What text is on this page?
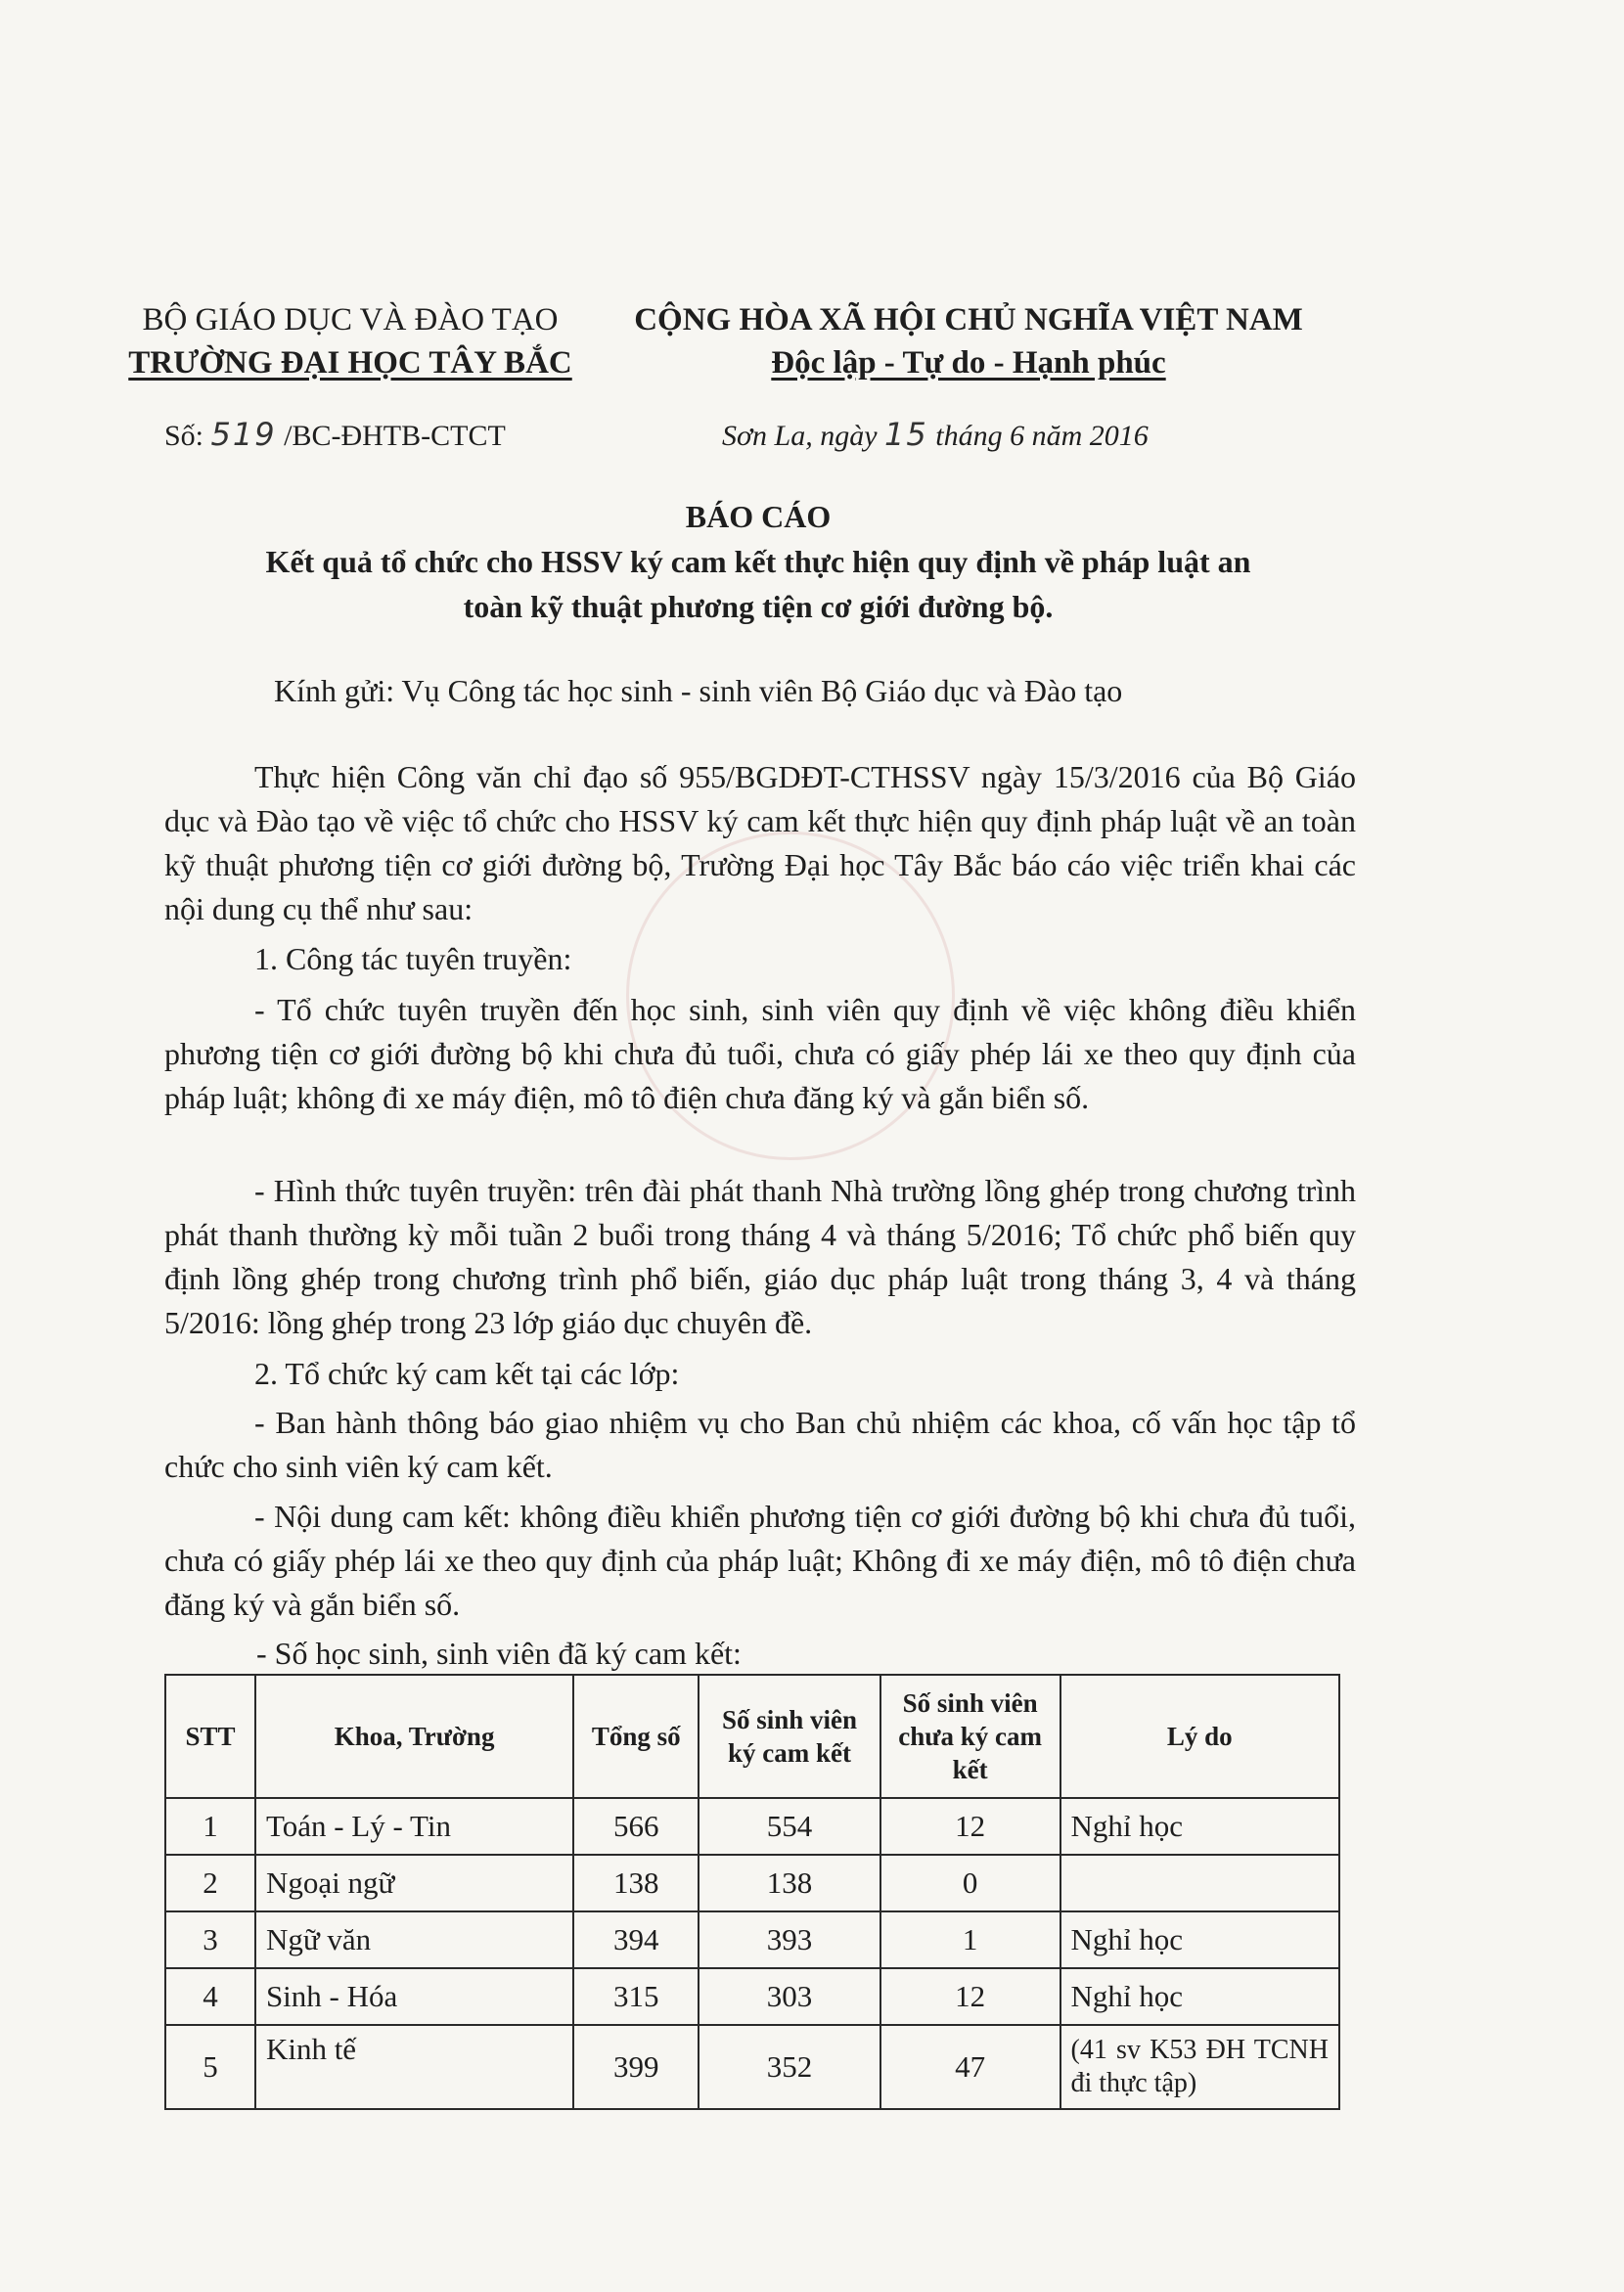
BỘ GIÁO DỤC VÀ ĐÀO TẠO
TRƯỜNG ĐẠI HỌC TÂY BẮC
CỘNG HÒA XÃ HỘI CHỦ NGHĨA VIỆT NAM
Độc lập - Tự do - Hạnh phúc
Số: 519 /BC-ĐHTB-CTCT	Sơn La, ngày 15 tháng 6 năm 2016
BÁO CÁO
Kết quả tổ chức cho HSSV ký cam kết thực hiện quy định về pháp luật an
toàn kỹ thuật phương tiện cơ giới đường bộ.
Kính gửi: Vụ Công tác học sinh - sinh viên Bộ Giáo dục và Đào tạo

Thực hiện Công văn chỉ đạo số 955/BGDĐT-CTHSSV ngày 15/3/2016 của Bộ Giáo dục và Đào tạo về việc tổ chức cho HSSV ký cam kết thực hiện quy định pháp luật về an toàn kỹ thuật phương tiện cơ giới đường bộ, Trường Đại học Tây Bắc báo cáo việc triển khai các nội dung cụ thể như sau:

1. Công tác tuyên truyền:

- Tổ chức tuyên truyền đến học sinh, sinh viên quy định về việc không điều khiển phương tiện cơ giới đường bộ khi chưa đủ tuổi, chưa có giấy phép lái xe theo quy định của pháp luật; không đi xe máy điện, mô tô điện chưa đăng ký và gắn biển số.

- Hình thức tuyên truyền: trên đài phát thanh Nhà trường lồng ghép trong chương trình phát thanh thường kỳ mỗi tuần 2 buổi trong tháng 4 và tháng 5/2016; Tổ chức phổ biến quy định lồng ghép trong chương trình phổ biến, giáo dục pháp luật trong tháng 3, 4 và tháng 5/2016: lồng ghép trong 23 lớp giáo dục chuyên đề.

2. Tổ chức ký cam kết tại các lớp:

- Ban hành thông báo giao nhiệm vụ cho Ban chủ nhiệm các khoa, cố vấn học tập tổ chức cho sinh viên ký cam kết.

- Nội dung cam kết: không điều khiển phương tiện cơ giới đường bộ khi chưa đủ tuổi, chưa có giấy phép lái xe theo quy định của pháp luật; Không đi xe máy điện, mô tô điện chưa đăng ký và gắn biển số.

- Số học sinh, sinh viên đã ký cam kết:
STT	Khoa, Trường	Tổng số	Số sinh viên ký cam kết	Số sinh viên chưa ký cam kết	Lý do
1	Toán - Lý - Tin	566	554	12	Nghỉ học
2	Ngoại ngữ	138	138	0	
3	Ngữ văn	394	393	1	Nghỉ học
4	Sinh - Hóa	315	303	12	Nghỉ học
5	Kinh tế	399	352	47	(41 sv K53 ĐH TCNH đi thực tập)
